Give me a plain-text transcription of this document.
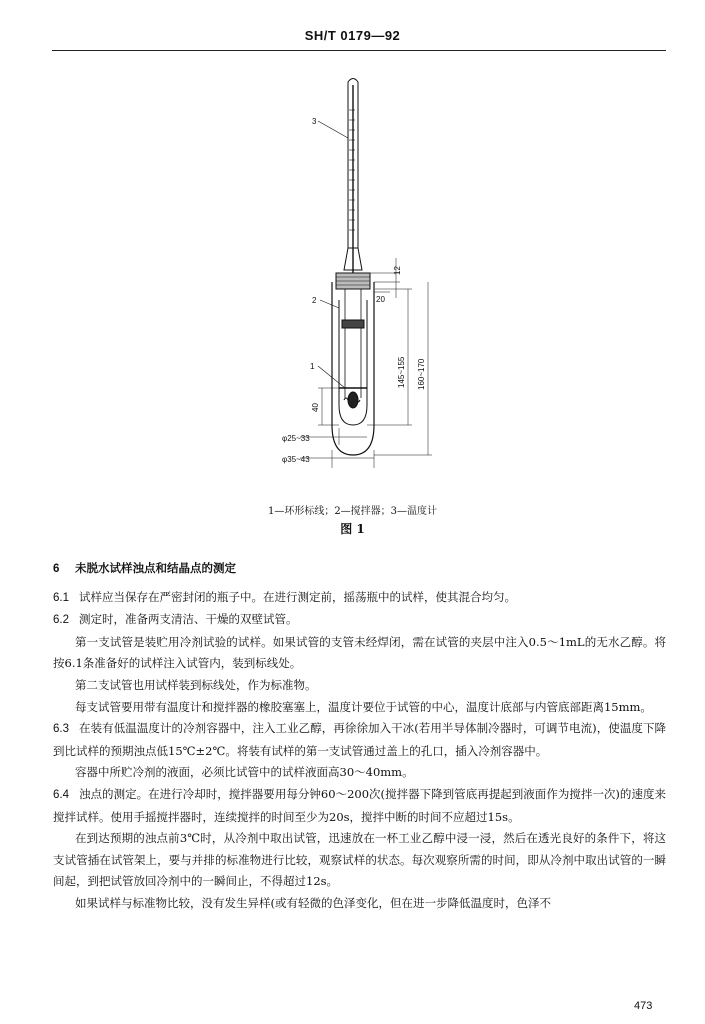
SH/T 0179—92
3
2
1
12
20
145~155 160~170
40
φ25~33
φ35~43
1—环形标线；2—搅拌器；3—温度计
图 1

6 未脱水试样浊点和结晶点的测定

6.1 试样应当保存在严密封闭的瓶子中。在进行测定前，摇荡瓶中的试样，使其混合均匀。

6.2 测定时，准备两支清洁、干燥的双壁试管。

第一支试管是装贮用冷剂试验的试样。如果试管的支管未经焊闭，需在试管的夹层中注入0.5～1mL的无水乙醇。将按6.1条准备好的试样注入试管内，装到标线处。

第二支试管也用试样装到标线处，作为标准物。

每支试管要用带有温度计和搅拌器的橡胶塞塞上，温度计要位于试管的中心，温度计底部与内管底部距离15mm。

6.3 在装有低温温度计的冷剂容器中，注入工业乙醇，再徐徐加入干冰(若用半导体制冷器时，可调节电流)，使温度下降到比试样的预期浊点低15℃±2℃。将装有试样的第一支试管通过盖上的孔口，插入冷剂容器中。

容器中所贮冷剂的液面，必须比试管中的试样液面高30～40mm。

6.4 浊点的测定。在进行冷却时，搅拌器要用每分钟60～200次(搅拌器下降到管底再提起到液面作为搅拌一次)的速度来搅拌试样。使用手摇搅拌器时，连续搅拌的时间至少为20s，搅拌中断的时间不应超过15s。

在到达预期的浊点前3℃时，从冷剂中取出试管，迅速放在一杯工业乙醇中浸一浸，然后在透光良好的条件下，将这支试管插在试管架上，要与并排的标准物进行比较，观察试样的状态。每次观察所需的时间，即从冷剂中取出试管的一瞬间起，到把试管放回冷剂中的一瞬间止，不得超过12s。

如果试样与标准物比较，没有发生异样(或有轻微的色泽变化，但在进一步降低温度时，色泽不

473
